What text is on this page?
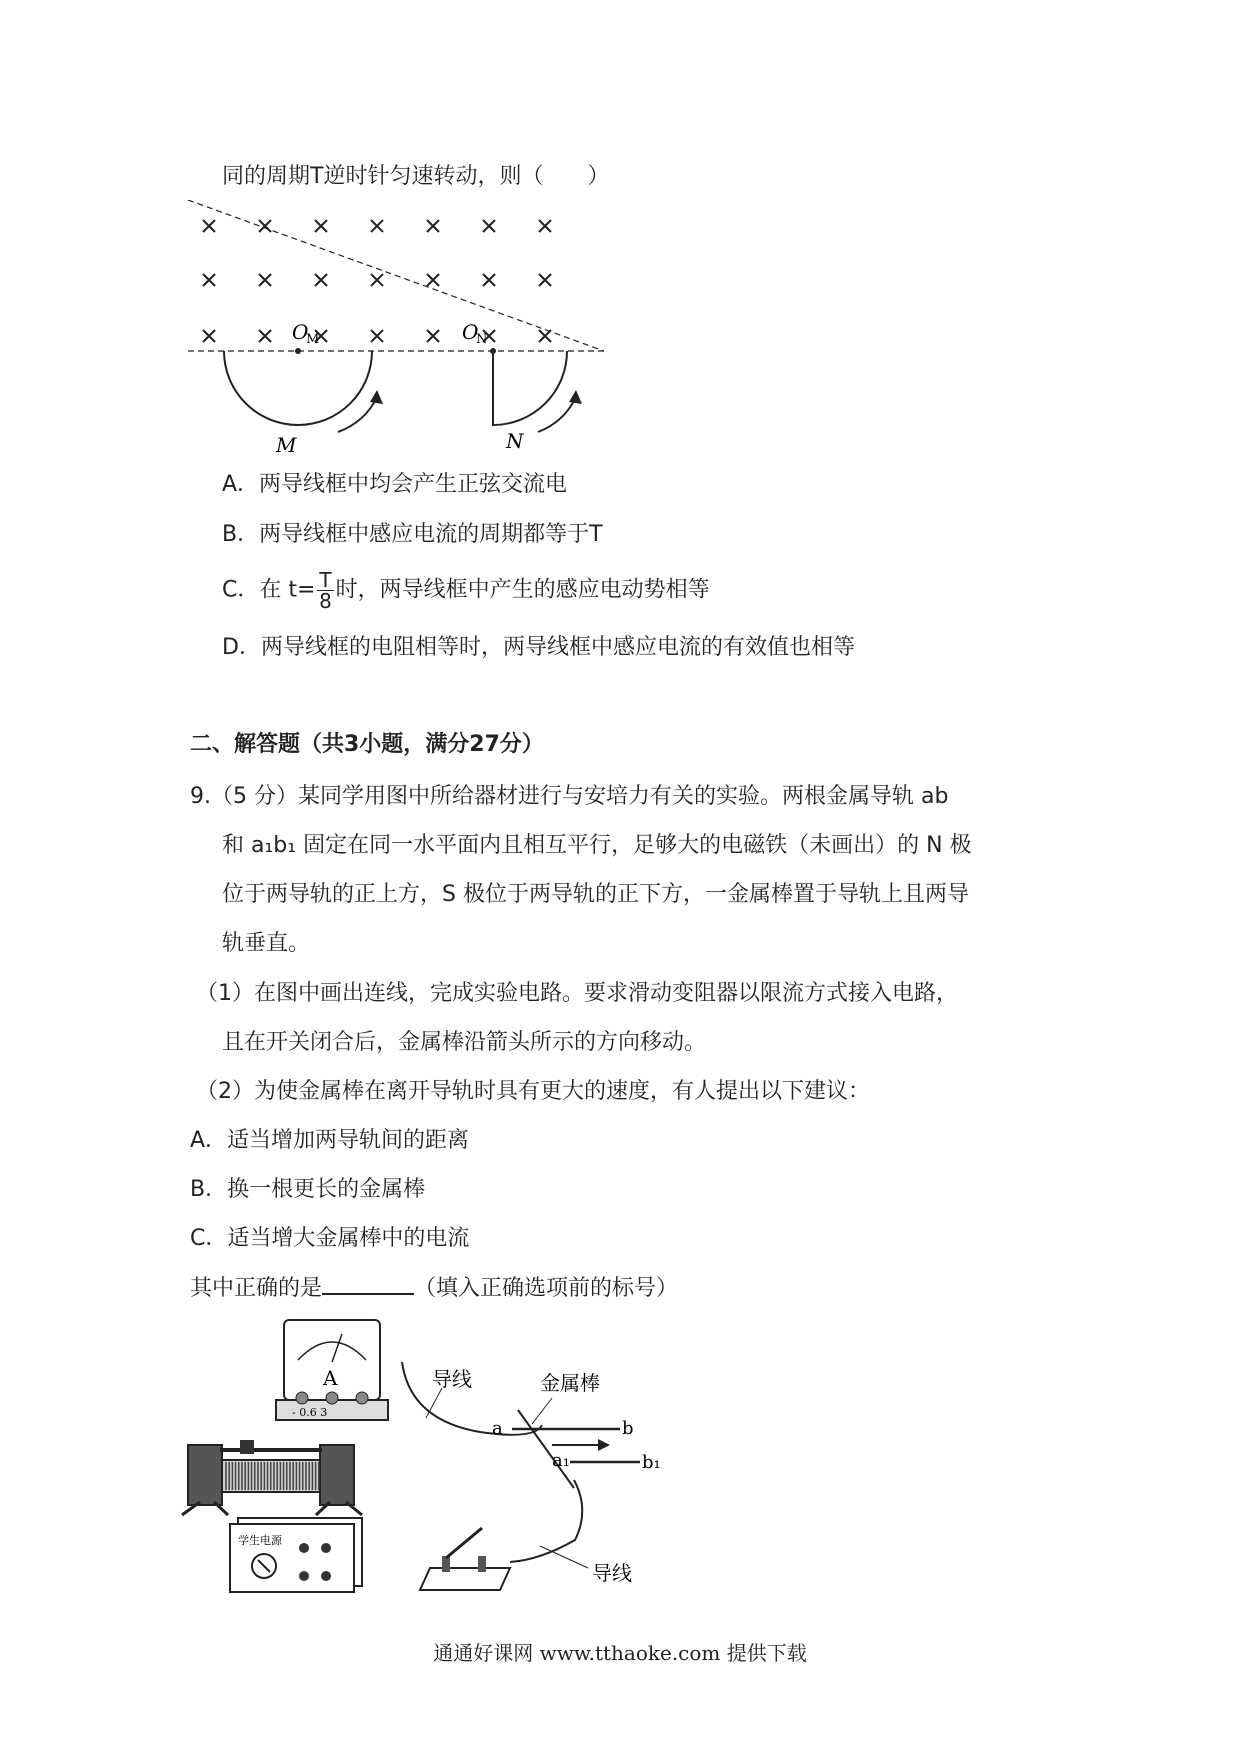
同的周期T逆时针匀速转动，则（　　）
O
M	O
N
M	N
A．两导线框中均会产生正弦交流电
B．两导线框中感应电流的周期都等于T
C．在 $t= \frac{T}{8}$ 时，两导线框中产生的感应电动势相等
D．两导线框的电阻相等时，两导线框中感应电流的有效值也相等
二、解答题（共3小题，满分27分）
9.（5 分）某同学用图中所给器材进行与安培力有关的实验。两根金属导轨 ab
和 a₁b₁ 固定在同一水平面内且相互平行，足够大的电磁铁（未画出）的 N 极
位于两导轨的正上方，S 极位于两导轨的正下方，一金属棒置于导轨上且两导
轨垂直。
（1）在图中画出连线，完成实验电路。要求滑动变阻器以限流方式接入电路，
且在开关闭合后，金属棒沿箭头所示的方向移动。
（2）为使金属棒在离开导轨时具有更大的速度，有人提出以下建议：
A．适当增加两导轨间的距离
B．换一根更长的金属棒
C．适当增大金属棒中的电流
其中正确的是	（填入正确选项前的标号）
A
- 0.6 3
学生电源
金属棒
导线
导线
a	b
a₁	b₁
通通好课网 www.tthaoke.com 提供下载
